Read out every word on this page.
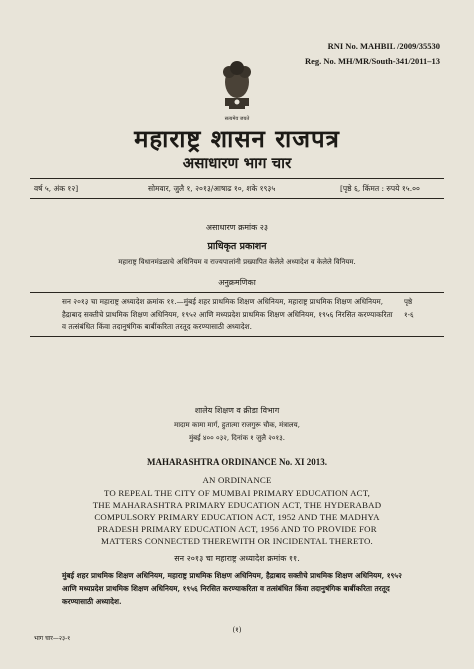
RNI No. MAHBIL /2009/35530
Reg. No. MH/MR/South-341/2011–13
सत्यमेव जयते
महाराष्ट्र शासन राजपत्र
असाधारण भाग चार
वर्ष ५, अंक १२]	सोमवार, जुलै १, २०१३/आषाढ १०, शके १९३५	[पृष्ठे ६, किंमत : रुपये १५.००
असाधारण क्रमांक २३
प्राधिकृत प्रकाशन
महाराष्ट्र विधानमंडळाचे अधिनियम व राज्यपालांनी प्रख्यापित केलेले अध्यादेश व केलेले विनियम.
अनुक्रमणिका
सन २०१३ चा महाराष्ट्र अध्यादेश क्रमांक ११.—मुंबई शहर प्राथमिक शिक्षण अधिनियम, महाराष्ट्र प्राथमिक शिक्षण अधिनियम, हैद्राबाद सक्तीचे प्राथमिक शिक्षण अधिनियम, १९५२ आणि मध्यप्रदेश प्राथमिक शिक्षण अधिनियम, १९५६ निरसित करण्याकरिता व तत्संबंधित किंवा तदानुषंगिक बाबींकरिता तरतूद करण्यासाठी अध्यादेश.
पृष्ठे
१-६
शालेय शिक्षण व क्रीडा विभाग
मादाम कामा मार्ग, हुतात्मा राजगुरू चौक, मंत्रालय,
मुंबई ४०० ०३२, दिनांक १ जुलै २०१३.
MAHARASHTRA ORDINANCE No. XI 2013.
AN ORDINANCE
TO REPEAL THE CITY OF MUMBAI PRIMARY EDUCATION ACT,
THE MAHARASHTRA PRIMARY EDUCATION ACT, THE HYDERABAD
COMPULSORY PRIMARY EDUCATION ACT, 1952 AND THE MADHYA
PRADESH PRIMARY EDUCATION ACT, 1956 AND TO PROVIDE FOR
MATTERS CONNECTED THEREWITH OR INCIDENTAL THERETO.
सन २०१३ चा महाराष्ट्र अध्यादेश क्रमांक ११.
मुंबई शहर प्राथमिक शिक्षण अधिनियम, महाराष्ट्र प्राथमिक शिक्षण अधिनियम, हैद्राबाद सक्तीचे प्राथमिक शिक्षण अधिनियम, १९५२ आणि मध्यप्रदेश प्राथमिक शिक्षण अधिनियम, १९५६ निरसित करण्याकरिता व तत्संबंधित किंवा तदानुषंगिक बाबींकरिता तरतूद करण्यासाठी अध्यादेश.
(१)
भाग चार—२३-१
